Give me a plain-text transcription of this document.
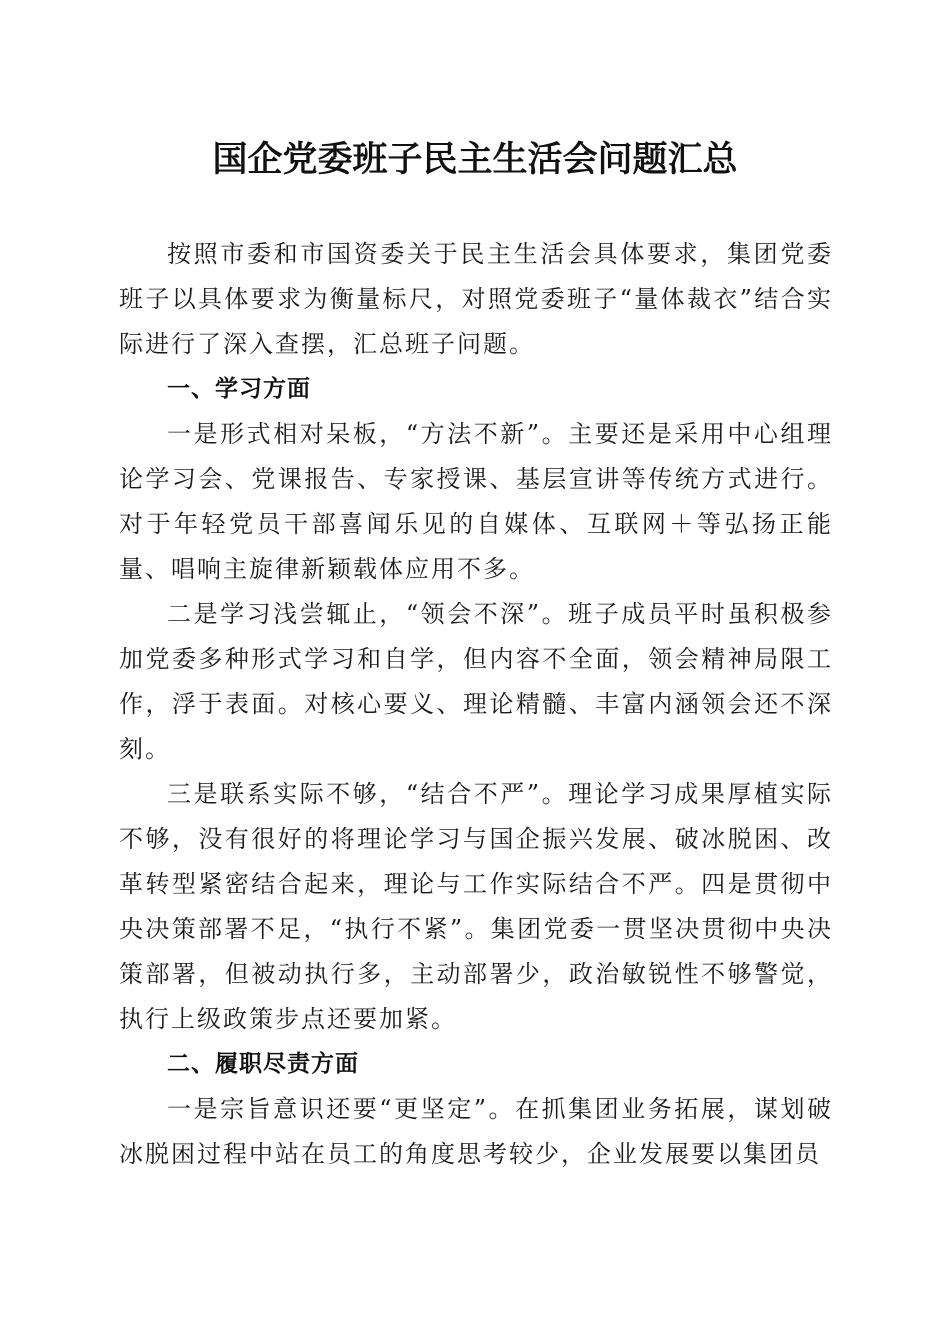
国企党委班子民主生活会问题汇总

按照市委和市国资委关于民主生活会具体要求，集团党委班子以具体要求为衡量标尺，对照党委班子“量体裁衣”结合实际进行了深入查摆，汇总班子问题。

一、学习方面

一是形式相对呆板，“方法不新”。主要还是采用中心组理论学习会、党课报告、专家授课、基层宣讲等传统方式进行。对于年轻党员干部喜闻乐见的自媒体、互联网＋等弘扬正能量、唱响主旋律新颖载体应用不多。

二是学习浅尝辄止，“领会不深”。班子成员平时虽积极参加党委多种形式学习和自学，但内容不全面，领会精神局限工作，浮于表面。对核心要义、理论精髓、丰富内涵领会还不深刻。

三是联系实际不够，“结合不严”。理论学习成果厚植实际不够，没有很好的将理论学习与国企振兴发展、破冰脱困、改革转型紧密结合起来，理论与工作实际结合不严。四是贯彻中央决策部署不足，“执行不紧”。集团党委一贯坚决贯彻中央决策部署，但被动执行多，主动部署少，政治敏锐性不够警觉，执行上级政策步点还要加紧。

二、履职尽责方面

一是宗旨意识还要“更坚定”。在抓集团业务拓展，谋划破冰脱困过程中站在员工的角度思考较少，企业发展要以集团员
